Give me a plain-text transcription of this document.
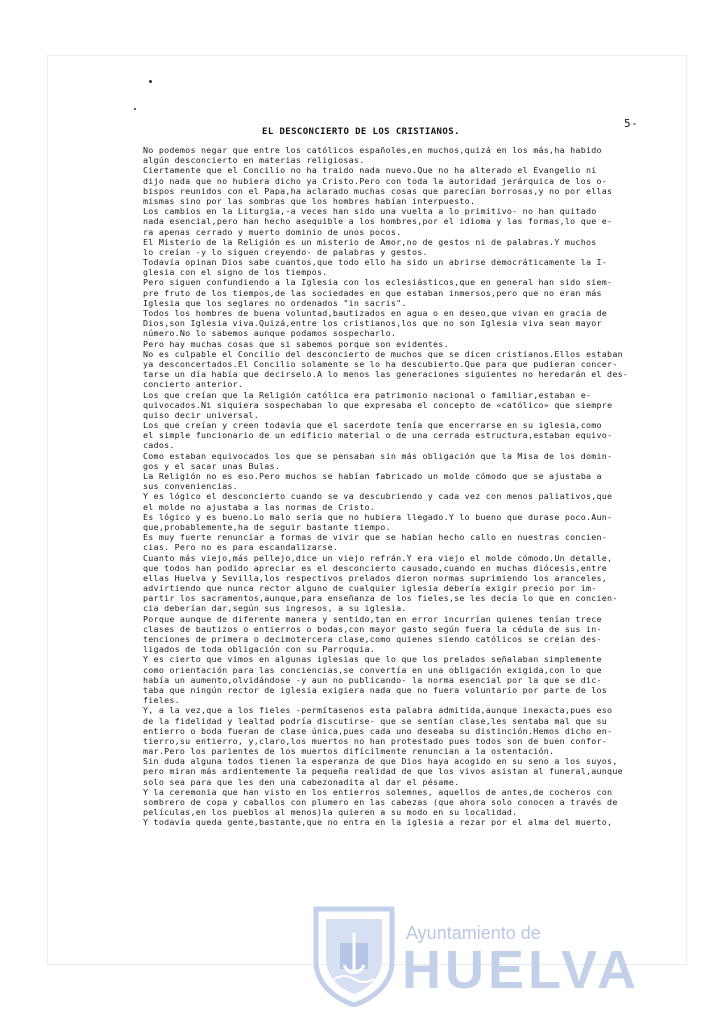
5-
EL DESCONCIERTO DE LOS CRISTIANOS.
No podemos negar que entre los católicos españoles,en muchos,quizá en los más,ha habido
algún desconcierto en materias religiosas.
Ciertamente que el Concilio no ha traido nada nuevo.Que no ha alterado el Evangelio ni
dijo nada que no hubiera dicho ya Cristo.Pero con toda la autoridad jerárquica de los o-
bispos reunidos con el Papa,ha aclarado muchas cosas que parecían borrosas,y no por ellas
mismas sino por las sombras que los hombres habían interpuesto.
Los cambios en la Liturgia,-a veces han sido una vuelta a lo primitivo- no han quitado
nada esencial,pero han hecho asequible a los hombres,por el idioma y las formas,lo que e-
ra apenas cerrado y muerto dominio de unos pocos.
El Misterio de la Religión es un misterio de Amor,no de gestos ni de palabras.Y muchos
lo creían -y lo siguen creyendo- de palabras y gestos.
Todavía opinan Dios sabe cuantos,que todo ello ha sido un abrirse democráticamente la I-
glesia con el signo de los tiempos.
Pero siguen confundiendo a la Iglesia con los eclesiásticos,que en general han sido siem-
pre fruto de los tiempos,de las sociedades en que estaban inmersos,pero que no eran más
Iglesia que los seglares no ordenados "in sacris".
Todos los hombres de buena voluntad,bautizados en agua o en deseo,que vivan en gracia de
Dios,son Iglesia viva.Quizá,entre los cristianos,los que no son Iglesia viva sean mayor
número.No lo sabemos aunque podamos sospecharlo.
Pero hay muchas cosas que si sabemos porque son evidentes.
No es culpable el Concilio del desconcierto de muchos que se dicen cristianos.Ellos estaban
ya desconcertados.El Concilio solamente se lo ha descubierto.Que para que pudieran concer-
tarse un día había que decirselo.A lo menos las generaciones siguientes no heredarán el des-
concierto anterior.
Los que creían que la Religión católica era patrimonio nacional o familiar,estaban e-
quivocados.Ni siquiera sospechaban lo que expresaba el concepto de «católico» que siempre
quiso decir universal.
Los que creían y creen todavía que el sacerdote tenía que encerrarse en su iglesia,como
el simple funcionario de un edificio material o de una cerrada estructura,estaban equivo-
cados.
Como estaban equivocados los que se pensaban sin más obligación que la Misa de los domin-
gos y el sacar unas Bulas.
La Religión no es eso.Pero muchos se habían fabricado un molde cómodo que se ajustaba a
sus conveniencias.
Y es lógico el desconcierto cuando se va descubriendo y cada vez con menos paliativos,que
el molde no ajustaba a las normas de Cristo.
Es lógico y es bueno.Lo malo sería que no hubiera llegado.Y lo bueno que durase poco.Aun-
que,probablemente,ha de seguir bastante tiempo.
Es muy fuerte renunciar a formas de vivir que se habían hecho callo en nuestras concien-
cias. Pero no es para escandalizarse.
Cuanto más viejo,más pellejo,dice un viejo refrán.Y era viejo el molde cómodo.Un detalle,
que todos han podido apreciar es el desconcierto causado,cuando en muchas diócesis,entre
ellas Huelva y Sevilla,los respectivos prelados dieron normas suprimiendo los aranceles,
advirtiendo que nunca rector alguno de cualquier iglesia debería exigir precio por im-
partir los sacramentos,aunque,para enseñanza de los fieles,se les decía lo que en concien-
cia deberían dar,según sus ingresos, a su iglesia.
Porque aunque de diferente manera y sentido,tan en error incurrían quienes tenían trece
clases de bautizos o entierros o bodas,con mayor gasto según fuera la cédula de sus in-
tenciones de primera o decimotercera clase,como quienes siendo católicos se creían des-
ligados de toda obligación con su Parroquia.
Y es cierto que vimos en algunas iglesias que lo que los prelados señalaban simplemente
como orientación para las conciencias,se convertía en una obligación exigida,con lo que
había un aumento,olvidándose -y aun no publicando- la norma esencial por la que se dic-
taba que ningún rector de iglesia exigiera nada que no fuera voluntario por parte de los
fieles.
Y, a la vez,que a los fieles -permítasenos esta palabra admitida,aunque inexacta,pues eso
de la fidelidad y lealtad podría discutirse- que se sentían clase,les sentaba mal que su
entierro o boda fueran de clase única,pues cada uno deseaba su distinción.Hemos dicho en-
tierro,su entierro, y,claro,los muertos no han protestado pues todos son de buen confor-
mar.Pero los parientes de los muertos difícilmente renuncian a la ostentación.
Sin duda alguna todos tienen la esperanza de que Dios haya acogido en su seno a los suyos,
pero miran más ardientemente la pequeña realidad de que los vivos asistan al funeral,aunque
solo sea para que les den una cabezonadita al dar el pésame.
Y la ceremonia que han visto en los entierros solemnes, aquellos de antes,de cocheros con
sombrero de copa y caballos con plumero en las cabezas (que ahora solo conocen a través de
películas,en los pueblos al menos)la quieren a su modo en su localidad.
Y todavía queda gente,bastante,que no entra en la iglesia a rezar por el alma del muerto,
Ayuntamiento de
HUELVA
